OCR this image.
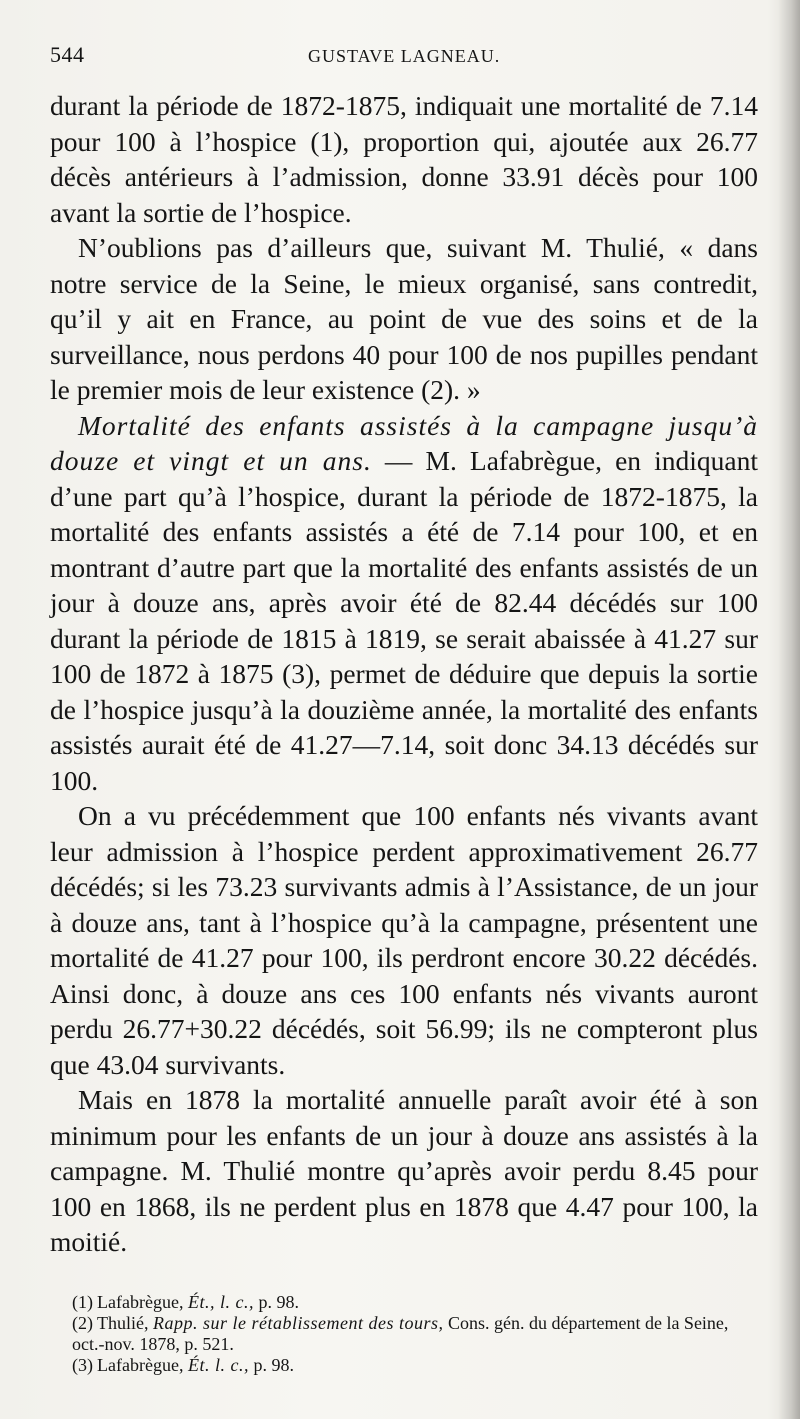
544	GUSTAVE LAGNEAU.

durant la période de 1872-1875, indiquait une mortalité de 7.14 pour 100 à l’hospice (1), proportion qui, ajoutée aux 26.77 décès antérieurs à l’admission, donne 33.91 décès pour 100 avant la sortie de l’hospice.

N’oublions pas d’ailleurs que, suivant M. Thulié, « dans notre service de la Seine, le mieux organisé, sans contredit, qu’il y ait en France, au point de vue des soins et de la surveillance, nous perdons 40 pour 100 de nos pupilles pendant le premier mois de leur existence (2). »

Mortalité des enfants assistés à la campagne jusqu’à douze et vingt et un ans. — M. Lafabrègue, en indiquant d’une part qu’à l’hospice, durant la période de 1872-1875, la mortalité des enfants assistés a été de 7.14 pour 100, et en montrant d’autre part que la mortalité des enfants assistés de un jour à douze ans, après avoir été de 82.44 décédés sur 100 durant la période de 1815 à 1819, se serait abaissée à 41.27 sur 100 de 1872 à 1875 (3), permet de déduire que depuis la sortie de l’hospice jusqu’à la douzième année, la mortalité des enfants assistés aurait été de 41.27—7.14, soit donc 34.13 décédés sur 100.

On a vu précédemment que 100 enfants nés vivants avant leur admission à l’hospice perdent approximativement 26.77 décédés; si les 73.23 survivants admis à l’Assistance, de un jour à douze ans, tant à l’hospice qu’à la campagne, présentent une mortalité de 41.27 pour 100, ils perdront encore 30.22 décédés. Ainsi donc, à douze ans ces 100 enfants nés vivants auront perdu 26.77+30.22 décédés, soit 56.99; ils ne compteront plus que 43.04 survivants.

Mais en 1878 la mortalité annuelle paraît avoir été à son minimum pour les enfants de un jour à douze ans assistés à la campagne. M. Thulié montre qu’après avoir perdu 8.45 pour 100 en 1868, ils ne perdent plus en 1878 que 4.47 pour 100, la moitié.

(1) Lafabrègue, Ét., l. c., p. 98.

(2) Thulié, Rapp. sur le rétablissement des tours, Cons. gén. du département de la Seine, oct.-nov. 1878, p. 521.

(3) Lafabrègue, Ét. l. c., p. 98.
